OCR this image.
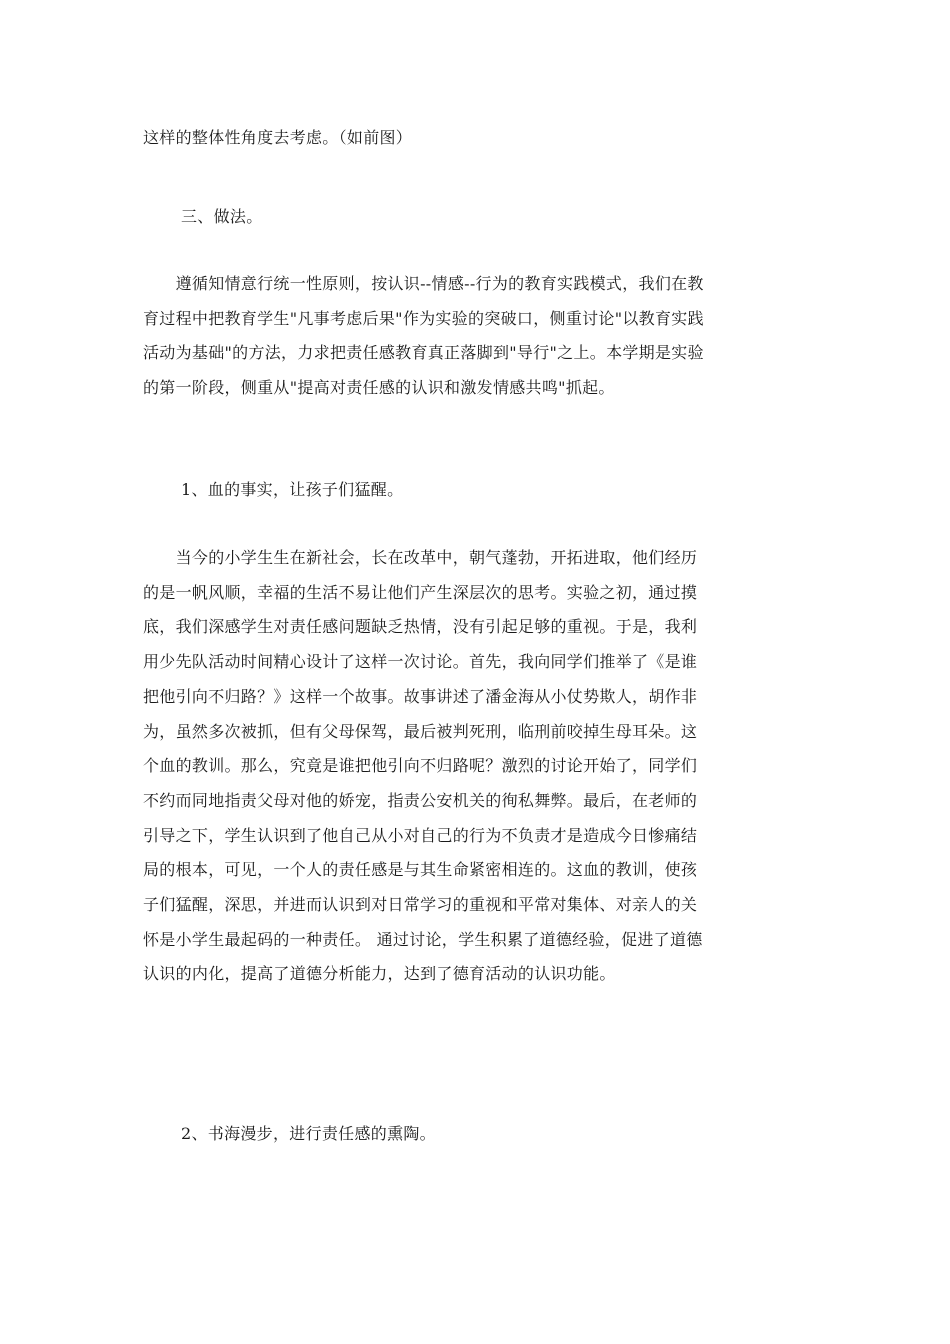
这样的整体性角度去考虑。（如前图）

三、做法。

　　遵循知情意行统一性原则，按认识--情感--行为的教育实践模式，我们在教
育过程中把教育学生"凡事考虑后果"作为实验的突破口，侧重讨论"以教育实践
活动为基础"的方法，力求把责任感教育真正落脚到"导行"之上。本学期是实验
的第一阶段，侧重从"提高对责任感的认识和激发情感共鸣"抓起。

1、血的事实，让孩子们猛醒。

　　当今的小学生生在新社会，长在改革中，朝气蓬勃，开拓进取，他们经历
的是一帆风顺，幸福的生活不易让他们产生深层次的思考。实验之初，通过摸
底，我们深感学生对责任感问题缺乏热情，没有引起足够的重视。于是，我利
用少先队活动时间精心设计了这样一次讨论。首先，我向同学们推举了《是谁
把他引向不归路？》这样一个故事。故事讲述了潘金海从小仗势欺人，胡作非
为，虽然多次被抓，但有父母保驾，最后被判死刑，临刑前咬掉生母耳朵。这
个血的教训。那么，究竟是谁把他引向不归路呢？激烈的讨论开始了，同学们
不约而同地指责父母对他的娇宠，指责公安机关的徇私舞弊。最后，在老师的
引导之下，学生认识到了他自己从小对自己的行为不负责才是造成今日惨痛结
局的根本，可见，一个人的责任感是与其生命紧密相连的。这血的教训，使孩
子们猛醒，深思，并进而认识到对日常学习的重视和平常对集体、对亲人的关
怀是小学生最起码的一种责任。 通过讨论，学生积累了道德经验，促进了道德
认识的内化，提高了道德分析能力，达到了德育活动的认识功能。

2、书海漫步，进行责任感的熏陶。
